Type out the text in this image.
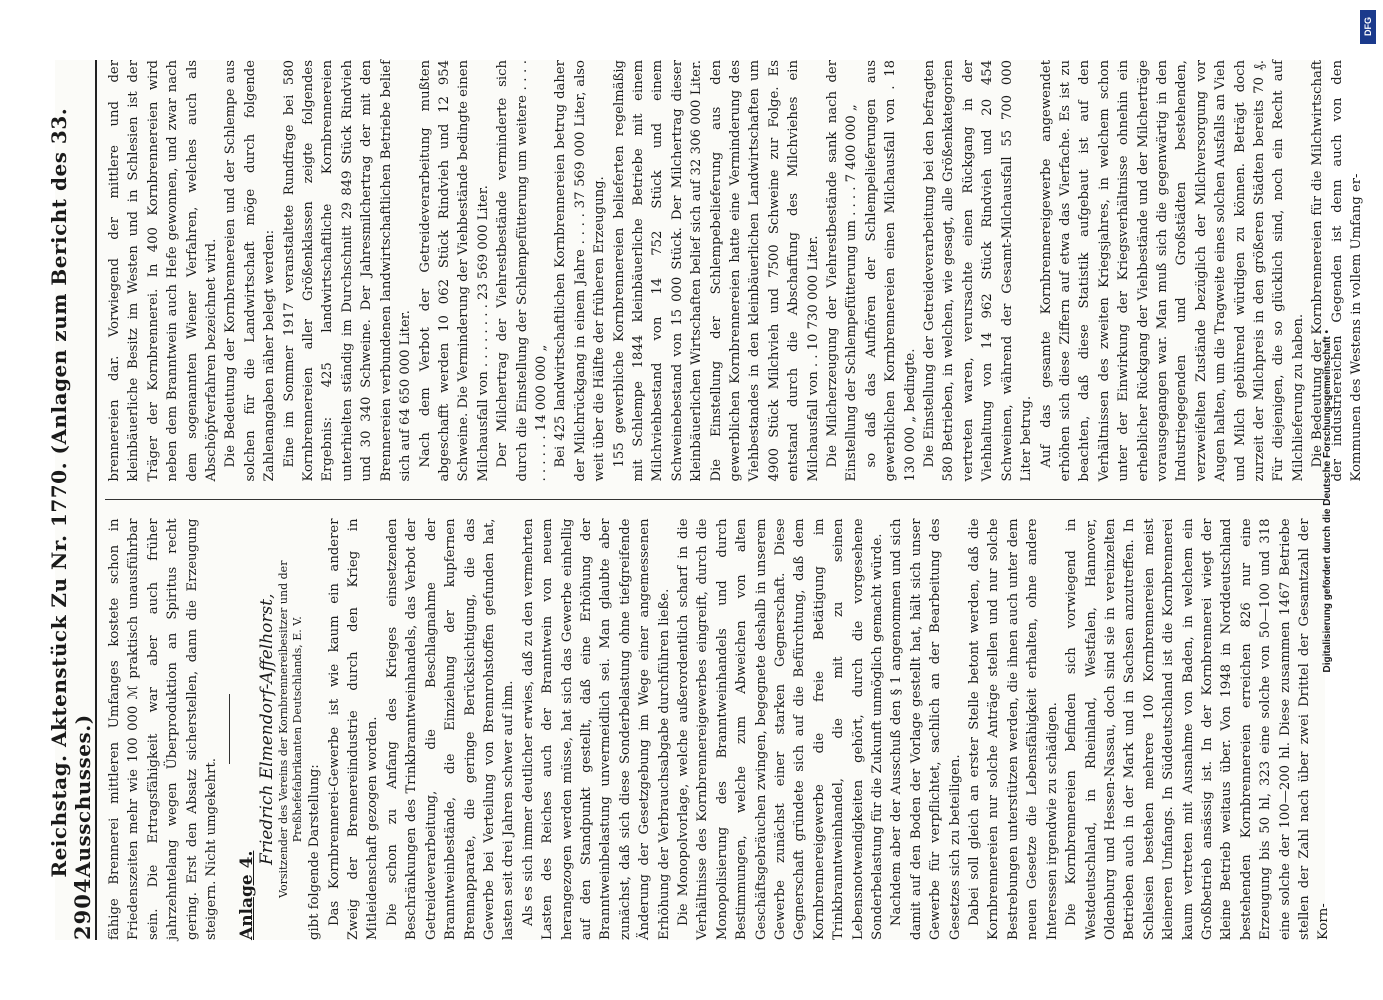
2904
Reichstag. Aktenstück Zu Nr. 1770. (Anlagen zum Bericht des 33. Ausschusses.) fähige Brennerei mittleren Umfanges kostete schon in Friedenszeiten mehr wie 100 000 ℳ praktisch unausführbar sein. Die Ertragsfähigkeit war aber auch früher jahrzehntelang wegen Überproduktion an Spiritus recht gering. Erst den Absatz sicherstellen, dann die Erzeugung steigern. Nicht umgekehrt. Anlage 4.

Friedrich Elmendorf-Affelhorst, Vorsitzender des Vereins der Kornbrennereibesitzer und der Preßhefefabrikanten Deutschlands, E. V.

gibt folgende Darstellung: Das Kornbrennerei-Gewerbe ist wie kaum ein anderer Zweig der Brennereiindustrie durch den Krieg in Mitleidenschaft gezogen worden. Die schon zu Anfang des Krieges einsetzenden Beschränkungen des Trinkbranntweinhandels, das Verbot der Getreideverarbeitung, die Beschlagnahme der Branntweinbestände, die Einziehung der kupfernen Brennapparate, die geringe Berücksichtigung, die das Gewerbe bei Verteilung von Brennrohstoffen gefunden hat, lasten seit drei Jahren schwer auf ihm. Als es sich immer deutlicher erwies, daß zu den vermehrten Lasten des Reiches auch der Branntwein von neuem herangezogen werden müsse, hat sich das Gewerbe einhellig auf den Standpunkt gestellt, daß eine Erhöhung der Branntweinbelastung unvermeidlich sei. Man glaubte aber zunächst, daß sich diese Sonderbelastung ohne tiefgreifende Änderung der Gesetzgebung im Wege einer angemessenen Erhöhung der Verbrauchsabgabe durchführen ließe. Die Monopolvorlage, welche außerordentlich scharf in die Verhältnisse des Kornbrennereigewerbes eingreift, durch die Monopolisierung des Branntweinhandels und durch Bestimmungen, welche zum Abweichen von alten Geschäftsgebräuchen zwingen, begegnete deshalb in unserem Gewerbe zunächst einer starken Gegnerschaft. Diese Gegnerschaft gründete sich auf die Befürchtung, daß dem Kornbrennereigewerbe die freie Betätigung im Trinkbranntweinhandel, die mit zu seinen Lebensnotwendigkeiten gehört, durch die vorgesehene Sonderbelastung für die Zukunft unmöglich gemacht würde. Nachdem aber der Ausschuß den § 1 angenommen und sich damit auf den Boden der Vorlage gestellt hat, hält sich unser Gewerbe für verpflichtet, sachlich an der Bearbeitung des Gesetzes sich zu beteiligen. Dabei soll gleich an erster Stelle betont werden, daß die Kornbrennereien nur solche Anträge stellen und nur solche Bestrebungen unterstützen werden, die ihnen auch unter dem neuen Gesetze die Lebensfähigkeit erhalten, ohne andere Interessen irgendwie zu schädigen. Die Kornbrennereien befinden sich vorwiegend in Westdeutschland, in Rheinland, Westfalen, Hannover, Oldenburg und Hessen-Nassau, doch sind sie in vereinzelten Betrieben auch in der Mark und in Sachsen anzutreffen. In Schlesien bestehen mehrere 100 Kornbrennereien meist kleineren Umfangs. In Süddeutschland ist die Kornbrennerei kaum vertreten mit Ausnahme von Baden, in welchem ein Großbetrieb ansässig ist. In der Kornbrennerei wiegt der kleine Betrieb weitaus über. Von 1948 in Norddeutschland bestehenden Kornbrennereien erreichen 826 nur eine Erzeugung bis 50 hl, 323 eine solche von 50—100 und 318 eine solche der 100—200 hl. Diese zusammen 1467 Betriebe stellen der Zahl nach über zwei Drittel der Gesamtzahl der Korn-

brennereien dar. Vorwiegend der mittlere und der kleinbäuerliche Besitz im Westen und in Schlesien ist der Träger der Kornbrennerei. In 400 Kornbrennereien wird neben dem Branntwein auch Hefe gewonnen, und zwar nach dem sogenannten Wiener Verfahren, welches auch als Abschöpfverfahren bezeichnet wird. Die Bedeutung der Kornbrennereien und der Schlempe aus solchen für die Landwirtschaft möge durch folgende Zahlenangaben näher belegt werden: Eine im Sommer 1917 veranstaltete Rundfrage bei 580 Kornbrennereien aller Größenklassen zeigte folgendes Ergebnis: 425 landwirtschaftliche Kornbrennereien unterhielten ständig im Durchschnitt 29 849 Stück Rindvieh und 30 340 Schweine. Der Jahresmilchertrag der mit den Brennereien verbundenen landwirtschaftlichen Betriebe belief sich auf 64 650 000 Liter. Nach dem Verbot der Getreideverarbeitung mußten abgeschafft werden 10 062 Stück Rindvieh und 12 954 Schweine. Die Verminderung der Viehbestände bedingte einen Milchausfall von . . . . . . . . 23 569 000 Liter. Der Milchertrag der Viehrestbestände verminderte sich durch die Einstellung der Schlempefütterung um weitere . . . . . . . . . . 14 000 000 „ Bei 425 landwirtschaftlichen Kornbrennereien betrug daher der Milchrückgang in einem Jahre . . . . 37 569 000 Liter, also weit über die Hälfte der früheren Erzeugung. 155 gewerbliche Kornbrennereien belieferten regelmäßig mit Schlempe 1844 kleinbäuerliche Betriebe mit einem Milchviehbestand von 14 752 Stück und einem Schweinebestand von 15 000 Stück. Der Milchertrag dieser kleinbäuerlichen Wirtschaften belief sich auf 32 306 000 Liter. Die Einstellung der Schlempebelieferung aus den gewerblichen Kornbrennereien hatte eine Verminderung des Viehbestandes in den kleinbäuerlichen Landwirtschaften um 4900 Stück Milchvieh und 7500 Schweine zur Folge. Es entstand durch die Abschaffung des Milchviehes ein Milchausfall von . . 10 730 000 Liter. Die Milcherzeugung der Viehrestbestände sank nach der Einstellung der Schlempefütterung um . . . . 7 400 000 „ so daß das Aufhören der Schlempelieferungen aus gewerblichen Kornbrennereien einen Milchausfall von . 18 130 000 „ bedingte. Die Einstellung der Getreideverarbeitung bei den befragten 580 Betrieben, in welchen, wie gesagt, alle Größenkategorien vertreten waren, verursachte einen Rückgang in der Viehhaltung von 14 962 Stück Rindvieh und 20 454 Schweinen, während der Gesamt-Milchausfall 55 700 000 Liter betrug. Auf das gesamte Kornbrennereigewerbe angewendet erhöhen sich diese Ziffern auf etwa das Vierfache. Es ist zu beachten, daß diese Statistik aufgebaut ist auf den Verhältnissen des zweiten Kriegsjahres, in welchem schon unter der Einwirkung der Kriegsverhältnisse ohnehin ein erheblicher Rückgang der Viehbestände und der Milcherträge vorausgegangen war. Man muß sich die gegenwärtig in den Industriegegenden und Großstädten bestehenden, verzweifelten Zustände bezüglich der Milchversorgung vor Augen halten, um die Tragweite eines solchen Ausfalls an Vieh und Milch gebührend würdigen zu können. Beträgt doch zurzeit der Milchpreis in den größeren Städten bereits 70 ₰. Für diejenigen, die so glücklich sind, noch ein Recht auf Milchlieferung zu haben. Die Bedeutung der Kornbrennereien für die Milchwirtschaft der industriereichen Gegenden ist denn auch von den Kommunen des Westens in vollem Umfang er-

DFG
Digitalisierung gefördert durch die Deutsche Forschungsgemeinschaft •
